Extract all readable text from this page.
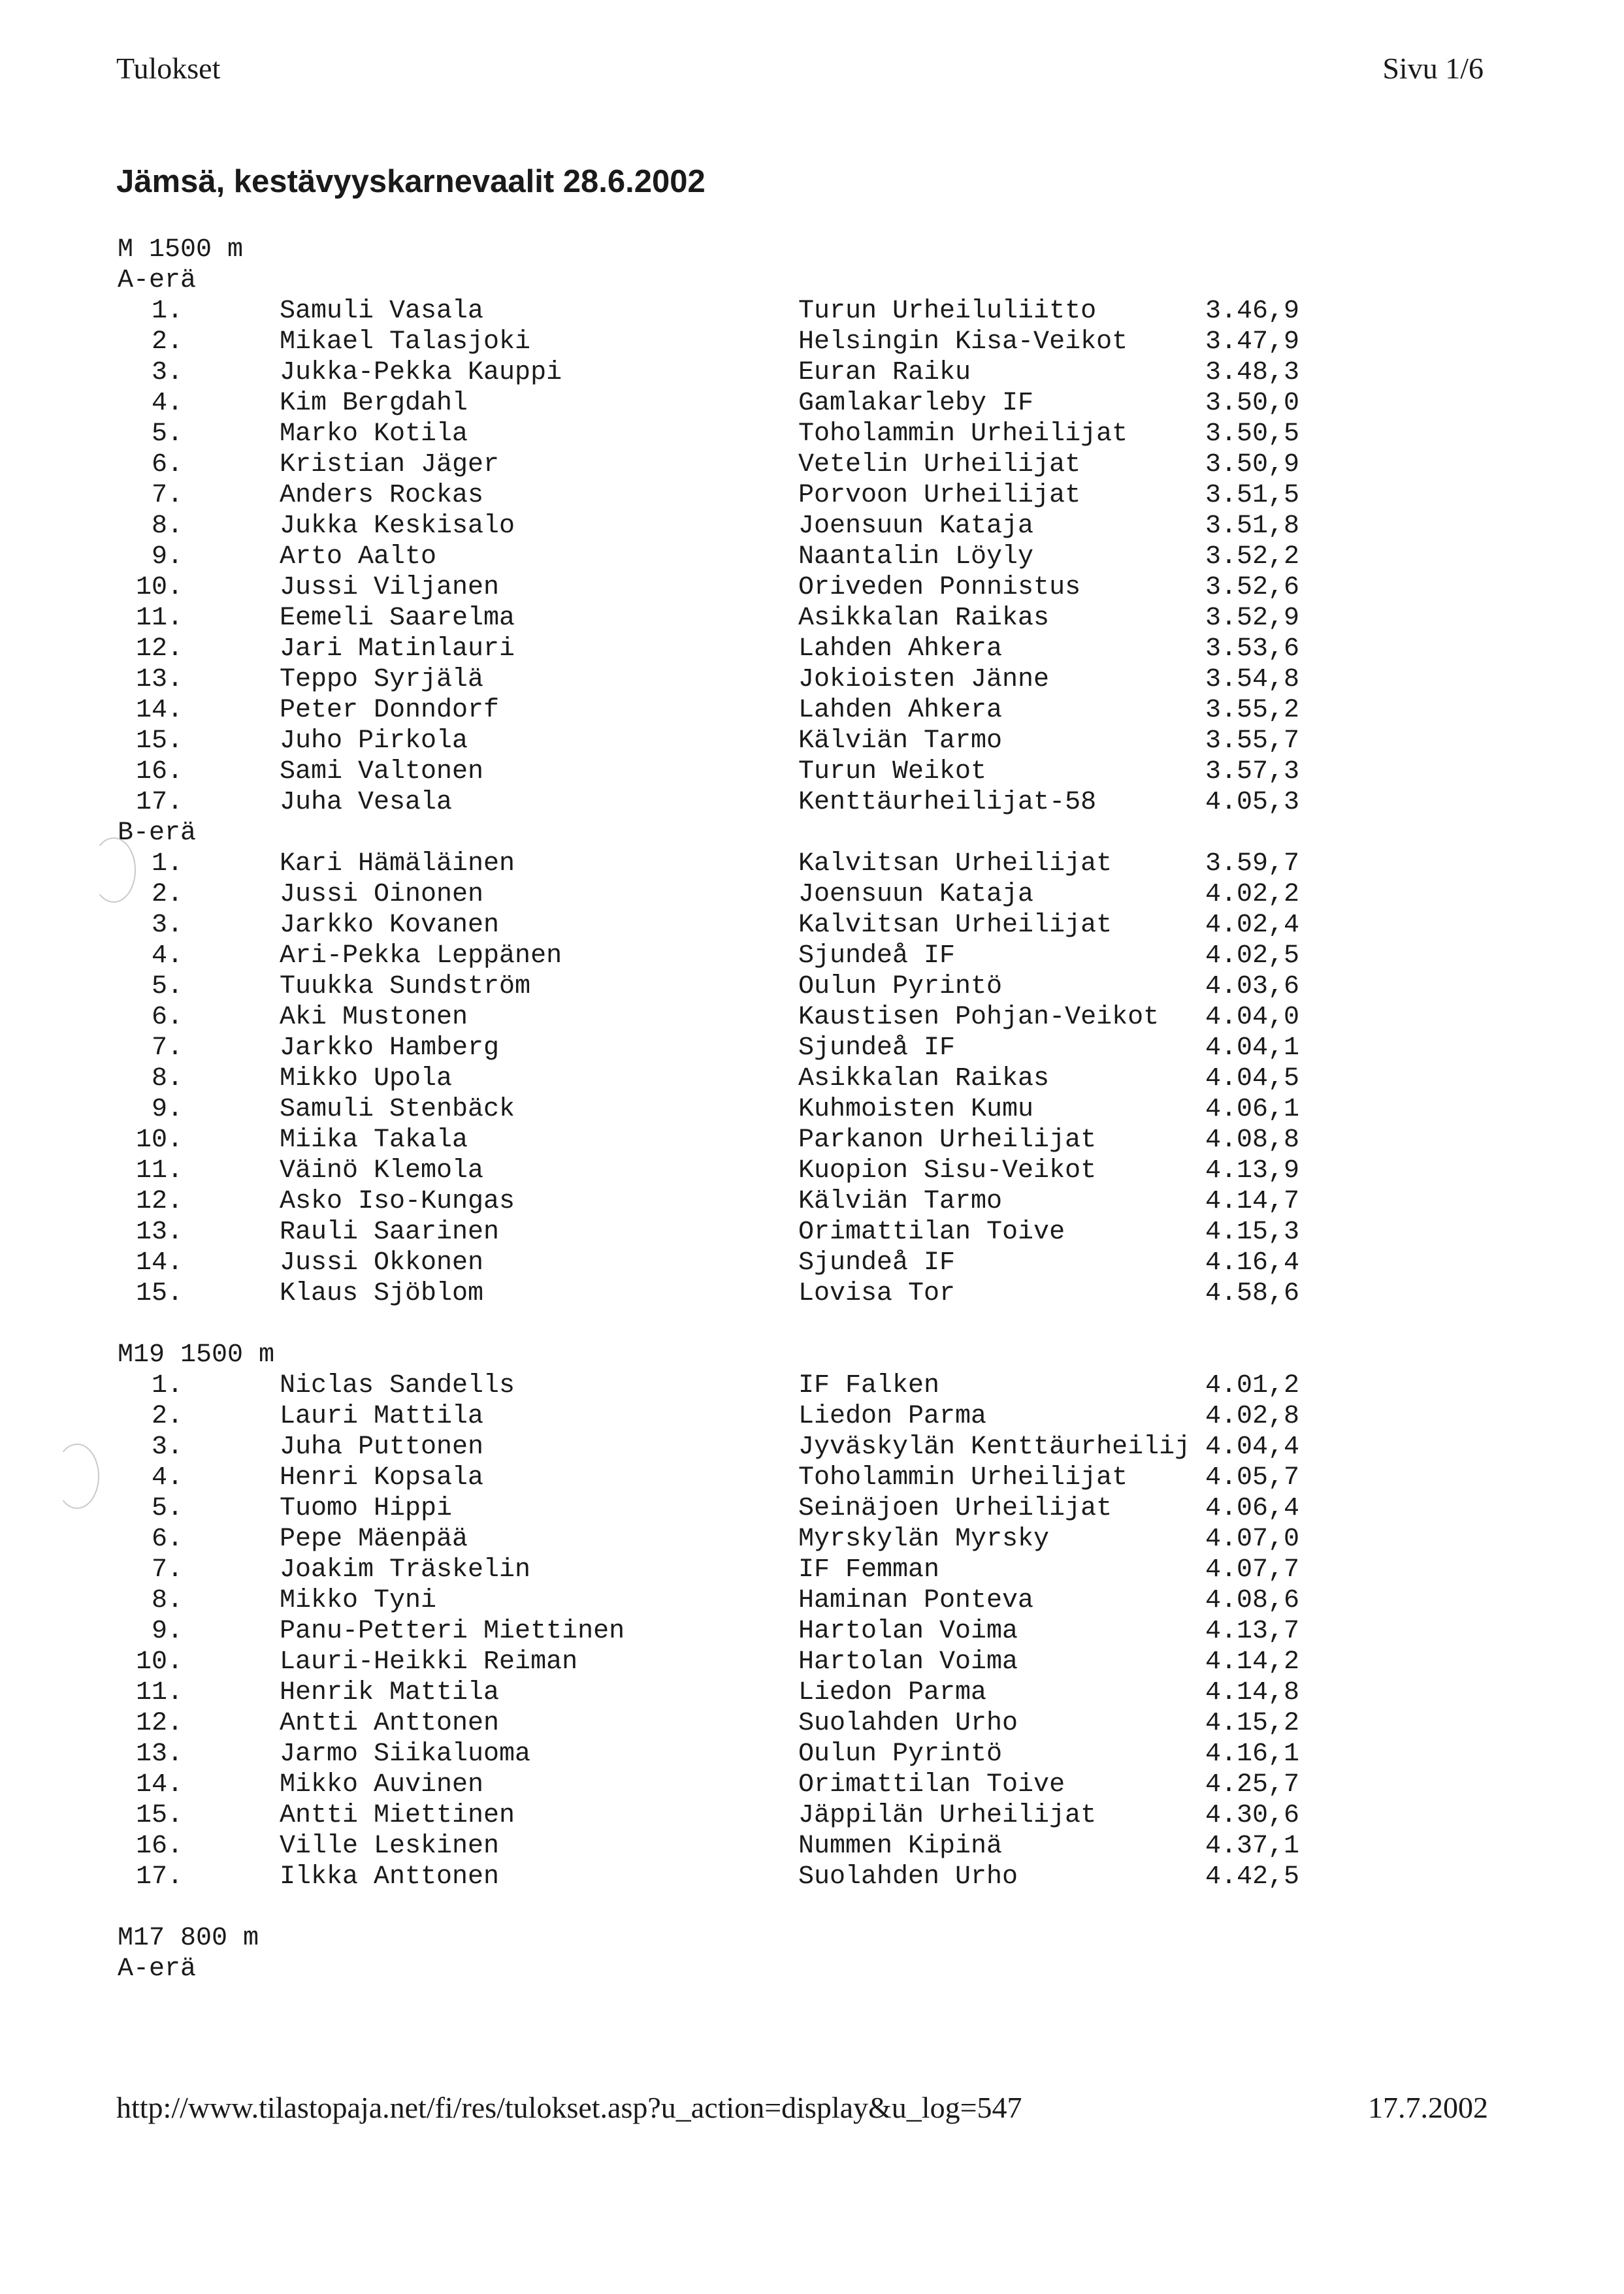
Tulokset	Sivu 1/6
Jämsä, kestävyyskarnevaalit 28.6.2002
M 1500 m
A-erä
1.	Samuli Vasala	Turun Urheiluliitto	3.46,9
2.	Mikael Talasjoki	Helsingin Kisa-Veikot	3.47,9
3.	Jukka-Pekka Kauppi	Euran Raiku	3.48,3
4.	Kim Bergdahl	Gamlakarleby IF	3.50,0
5.	Marko Kotila	Toholammin Urheilijat	3.50,5
6.	Kristian Jäger	Vetelin Urheilijat	3.50,9
7.	Anders Rockas	Porvoon Urheilijat	3.51,5
8.	Jukka Keskisalo	Joensuun Kataja	3.51,8
9.	Arto Aalto	Naantalin Löyly	3.52,2
10.	Jussi Viljanen	Oriveden Ponnistus	3.52,6
11.	Eemeli Saarelma	Asikkalan Raikas	3.52,9
12.	Jari Matinlauri	Lahden Ahkera	3.53,6
13.	Teppo Syrjälä	Jokioisten Jänne	3.54,8
14.	Peter Donndorf	Lahden Ahkera	3.55,2
15.	Juho Pirkola	Kälviän Tarmo	3.55,7
16.	Sami Valtonen	Turun Weikot	3.57,3
17.	Juha Vesala	Kenttäurheilijat-58	4.05,3
B-erä
1.	Kari Hämäläinen	Kalvitsan Urheilijat	3.59,7
2.	Jussi Oinonen	Joensuun Kataja	4.02,2
3.	Jarkko Kovanen	Kalvitsan Urheilijat	4.02,4
4.	Ari-Pekka Leppänen	Sjundeå IF	4.02,5
5.	Tuukka Sundström	Oulun Pyrintö	4.03,6
6.	Aki Mustonen	Kaustisen Pohjan-Veikot 4.04,0
7.	Jarkko Hamberg	Sjundeå IF	4.04,1
8.	Mikko Upola	Asikkalan Raikas	4.04,5
9.	Samuli Stenbäck	Kuhmoisten Kumu	4.06,1
10.	Miika Takala	Parkanon Urheilijat	4.08,8
11.	Väinö Klemola	Kuopion Sisu-Veikot	4.13,9
12.	Asko Iso-Kungas	Kälviän Tarmo	4.14,7
13.	Rauli Saarinen	Orimattilan Toive	4.15,3
14.	Jussi Okkonen	Sjundeå IF	4.16,4
15.	Klaus Sjöblom	Lovisa Tor	4.58,6
M19 1500 m
1.	Niclas Sandells	IF Falken	4.01,2
2.	Lauri Mattila	Liedon Parma	4.02,8
3.	Juha Puttonen	Jyväskylän Kenttäurheilij 4.04,4
4.	Henri Kopsala	Toholammin Urheilijat	4.05,7
5.	Tuomo Hippi	Seinäjoen Urheilijat	4.06,4
6.	Pepe Mäenpää	Myrskylän Myrsky	4.07,0
7.	Joakim Träskelin	IF Femman	4.07,7
8.	Mikko Tyni	Haminan Ponteva	4.08,6
9.	Panu-Petteri Miettinen	Hartolan Voima	4.13,7
10.	Lauri-Heikki Reiman	Hartolan Voima	4.14,2
11.	Henrik Mattila	Liedon Parma	4.14,8
12.	Antti Anttonen	Suolahden Urho	4.15,2
13.	Jarmo Siikaluoma	Oulun Pyrintö	4.16,1
14.	Mikko Auvinen	Orimattilan Toive	4.25,7
15.	Antti Miettinen	Jäppilän Urheilijat	4.30,6
16.	Ville Leskinen	Nummen Kipinä	4.37,1
17.	Ilkka Anttonen	Suolahden Urho	4.42,5
M17 800 m
A-erä
http://www.tilastopaja.net/fi/res/tulokset.asp?u_action=display&u_log=547	17.7.2002
